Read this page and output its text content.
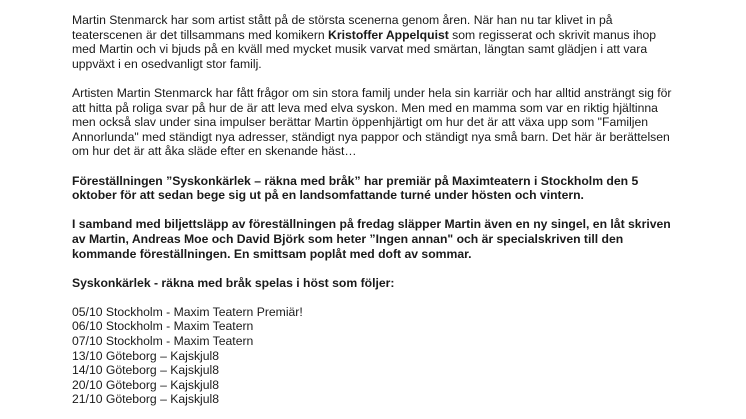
Martin Stenmarck har som artist stått på de största scenerna genom åren. När han nu tar klivet in på teaterscenen är det tillsammans med komikern Kristoffer Appelquist som regisserat och skrivit manus ihop med Martin och vi bjuds på en kväll med mycket musik varvat med smärtan, längtan samt glädjen i att vara uppväxt i en osedvanligt stor familj.

Artisten Martin Stenmarck har fått frågor om sin stora familj under hela sin karriär och har alltid ansträngt sig för att hitta på roliga svar på hur de är att leva med elva syskon. Men med en mamma som var en riktig hjältinna men också slav under sina impulser berättar Martin öppenhjärtigt om hur det är att växa upp som "Familjen Annorlunda" med ständigt nya adresser, ständigt nya pappor och ständigt nya små barn. Det här är berättelsen om hur det är att åka släde efter en skenande häst…

Föreställningen ”Syskonkärlek – räkna med bråk” har premiär på Maximteatern i Stockholm den 5 oktober för att sedan bege sig ut på en landsomfattande turné under hösten och vintern.

I samband med biljettsläpp av föreställningen på fredag släpper Martin även en ny singel, en låt skriven av Martin, Andreas Moe och David Björk som heter ”Ingen annan" och är specialskriven till den kommande föreställningen. En smittsam poplåt med doft av sommar.

Syskonkärlek - räkna med bråk spelas i höst som följer:

05/10 Stockholm - Maxim Teatern Premiär!
06/10 Stockholm - Maxim Teatern
07/10 Stockholm - Maxim Teatern
13/10 Göteborg – Kajskjul8
14/10 Göteborg – Kajskjul8
20/10 Göteborg – Kajskjul8
21/10 Göteborg – Kajskjul8
